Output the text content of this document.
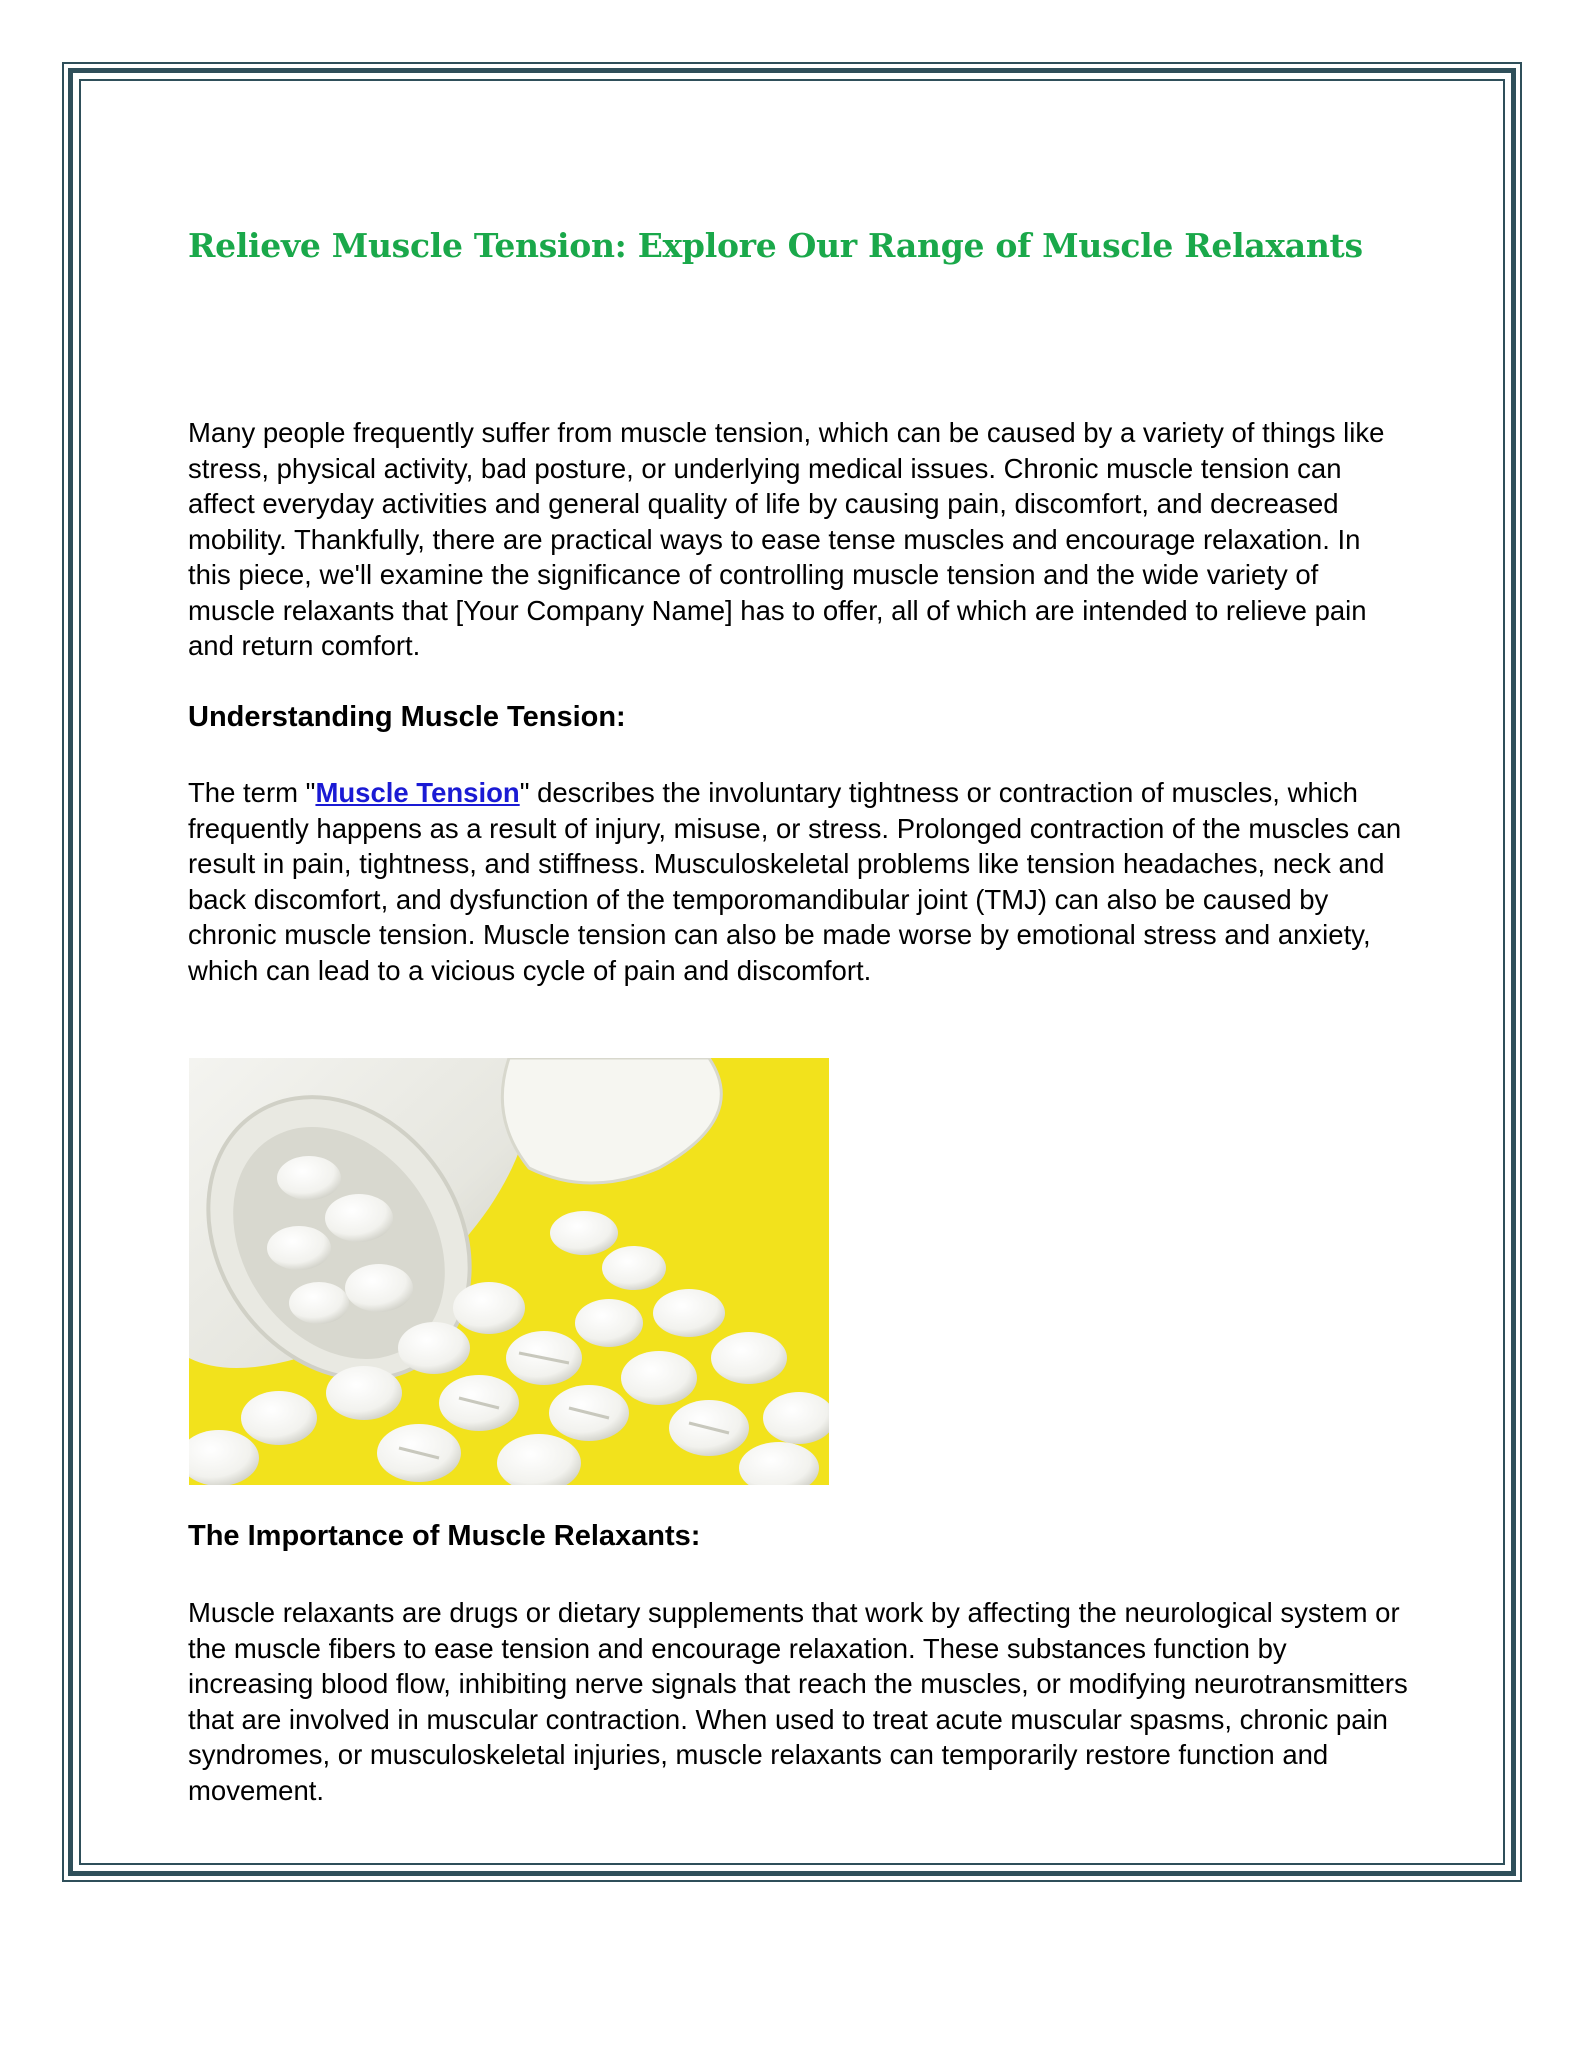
Relieve Muscle Tension: Explore Our Range of Muscle Relaxants

Many people frequently suffer from muscle tension, which can be caused by a variety of things like stress, physical activity, bad posture, or underlying medical issues. Chronic muscle tension can affect everyday activities and general quality of life by causing pain, discomfort, and decreased mobility. Thankfully, there are practical ways to ease tense muscles and encourage relaxation. In this piece, we'll examine the significance of controlling muscle tension and the wide variety of muscle relaxants that [Your Company Name] has to offer, all of which are intended to relieve pain and return comfort.

Understanding Muscle Tension:

The term "Muscle Tension" describes the involuntary tightness or contraction of muscles, which frequently happens as a result of injury, misuse, or stress. Prolonged contraction of the muscles can result in pain, tightness, and stiffness. Musculoskeletal problems like tension headaches, neck and back discomfort, and dysfunction of the temporomandibular joint (TMJ) can also be caused by chronic muscle tension. Muscle tension can also be made worse by emotional stress and anxiety, which can lead to a vicious cycle of pain and discomfort.

The Importance of Muscle Relaxants:

Muscle relaxants are drugs or dietary supplements that work by affecting the neurological system or the muscle fibers to ease tension and encourage relaxation. These substances function by increasing blood flow, inhibiting nerve signals that reach the muscles, or modifying neurotransmitters that are involved in muscular contraction. When used to treat acute muscular spasms, chronic pain syndromes, or musculoskeletal injuries, muscle relaxants can temporarily restore function and movement.
